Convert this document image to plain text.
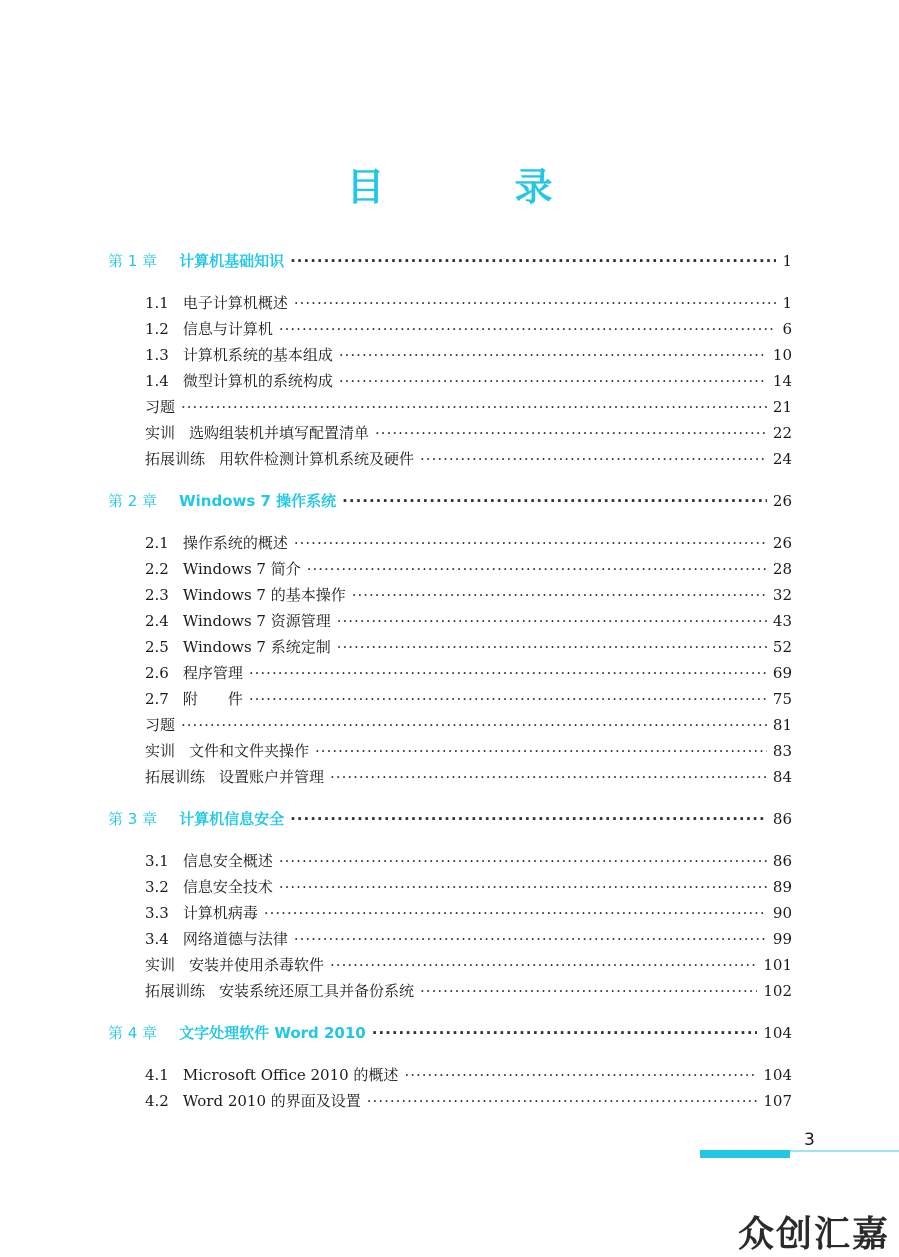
目　录
第 1 章 计算机基础知识 ·····	1
1.1 电子计算机概述 ·····	1
1.2 信息与计算机 ·····	6
1.3 计算机系统的基本组成 ·····	10
1.4 微型计算机的系统构成 ·····	14
习题 ·····	21
实训 选购组装机并填写配置清单 ·····	22
拓展训练 用软件检测计算机系统及硬件 ·····	24
第 2 章 Windows 7 操作系统 ·····	26
2.1 操作系统的概述 ·····	26
2.2 Windows 7 简介 ·····	28
2.3 Windows 7 的基本操作 ·····	32
2.4 Windows 7 资源管理 ·····	43
2.5 Windows 7 系统定制 ·····	52
2.6 程序管理 ·····	69
2.7 附　　件 ·····	75
习题 ·····	81
实训 文件和文件夹操作 ·····	83
拓展训练 设置账户并管理 ·····	84
第 3 章 计算机信息安全 ·····	86
3.1 信息安全概述 ·····	86
3.2 信息安全技术 ·····	89
3.3 计算机病毒 ·····	90
3.4 网络道德与法律 ·····	99
实训 安装并使用杀毒软件 ·····	101
拓展训练 安装系统还原工具并备份系统 ·····	102
第 4 章 文字处理软件 Word 2010 ·····	104
4.1 Microsoft Office 2010 的概述 ·····	104
4.2 Word 2010 的界面及设置 ·····	107
3
众创汇嘉
